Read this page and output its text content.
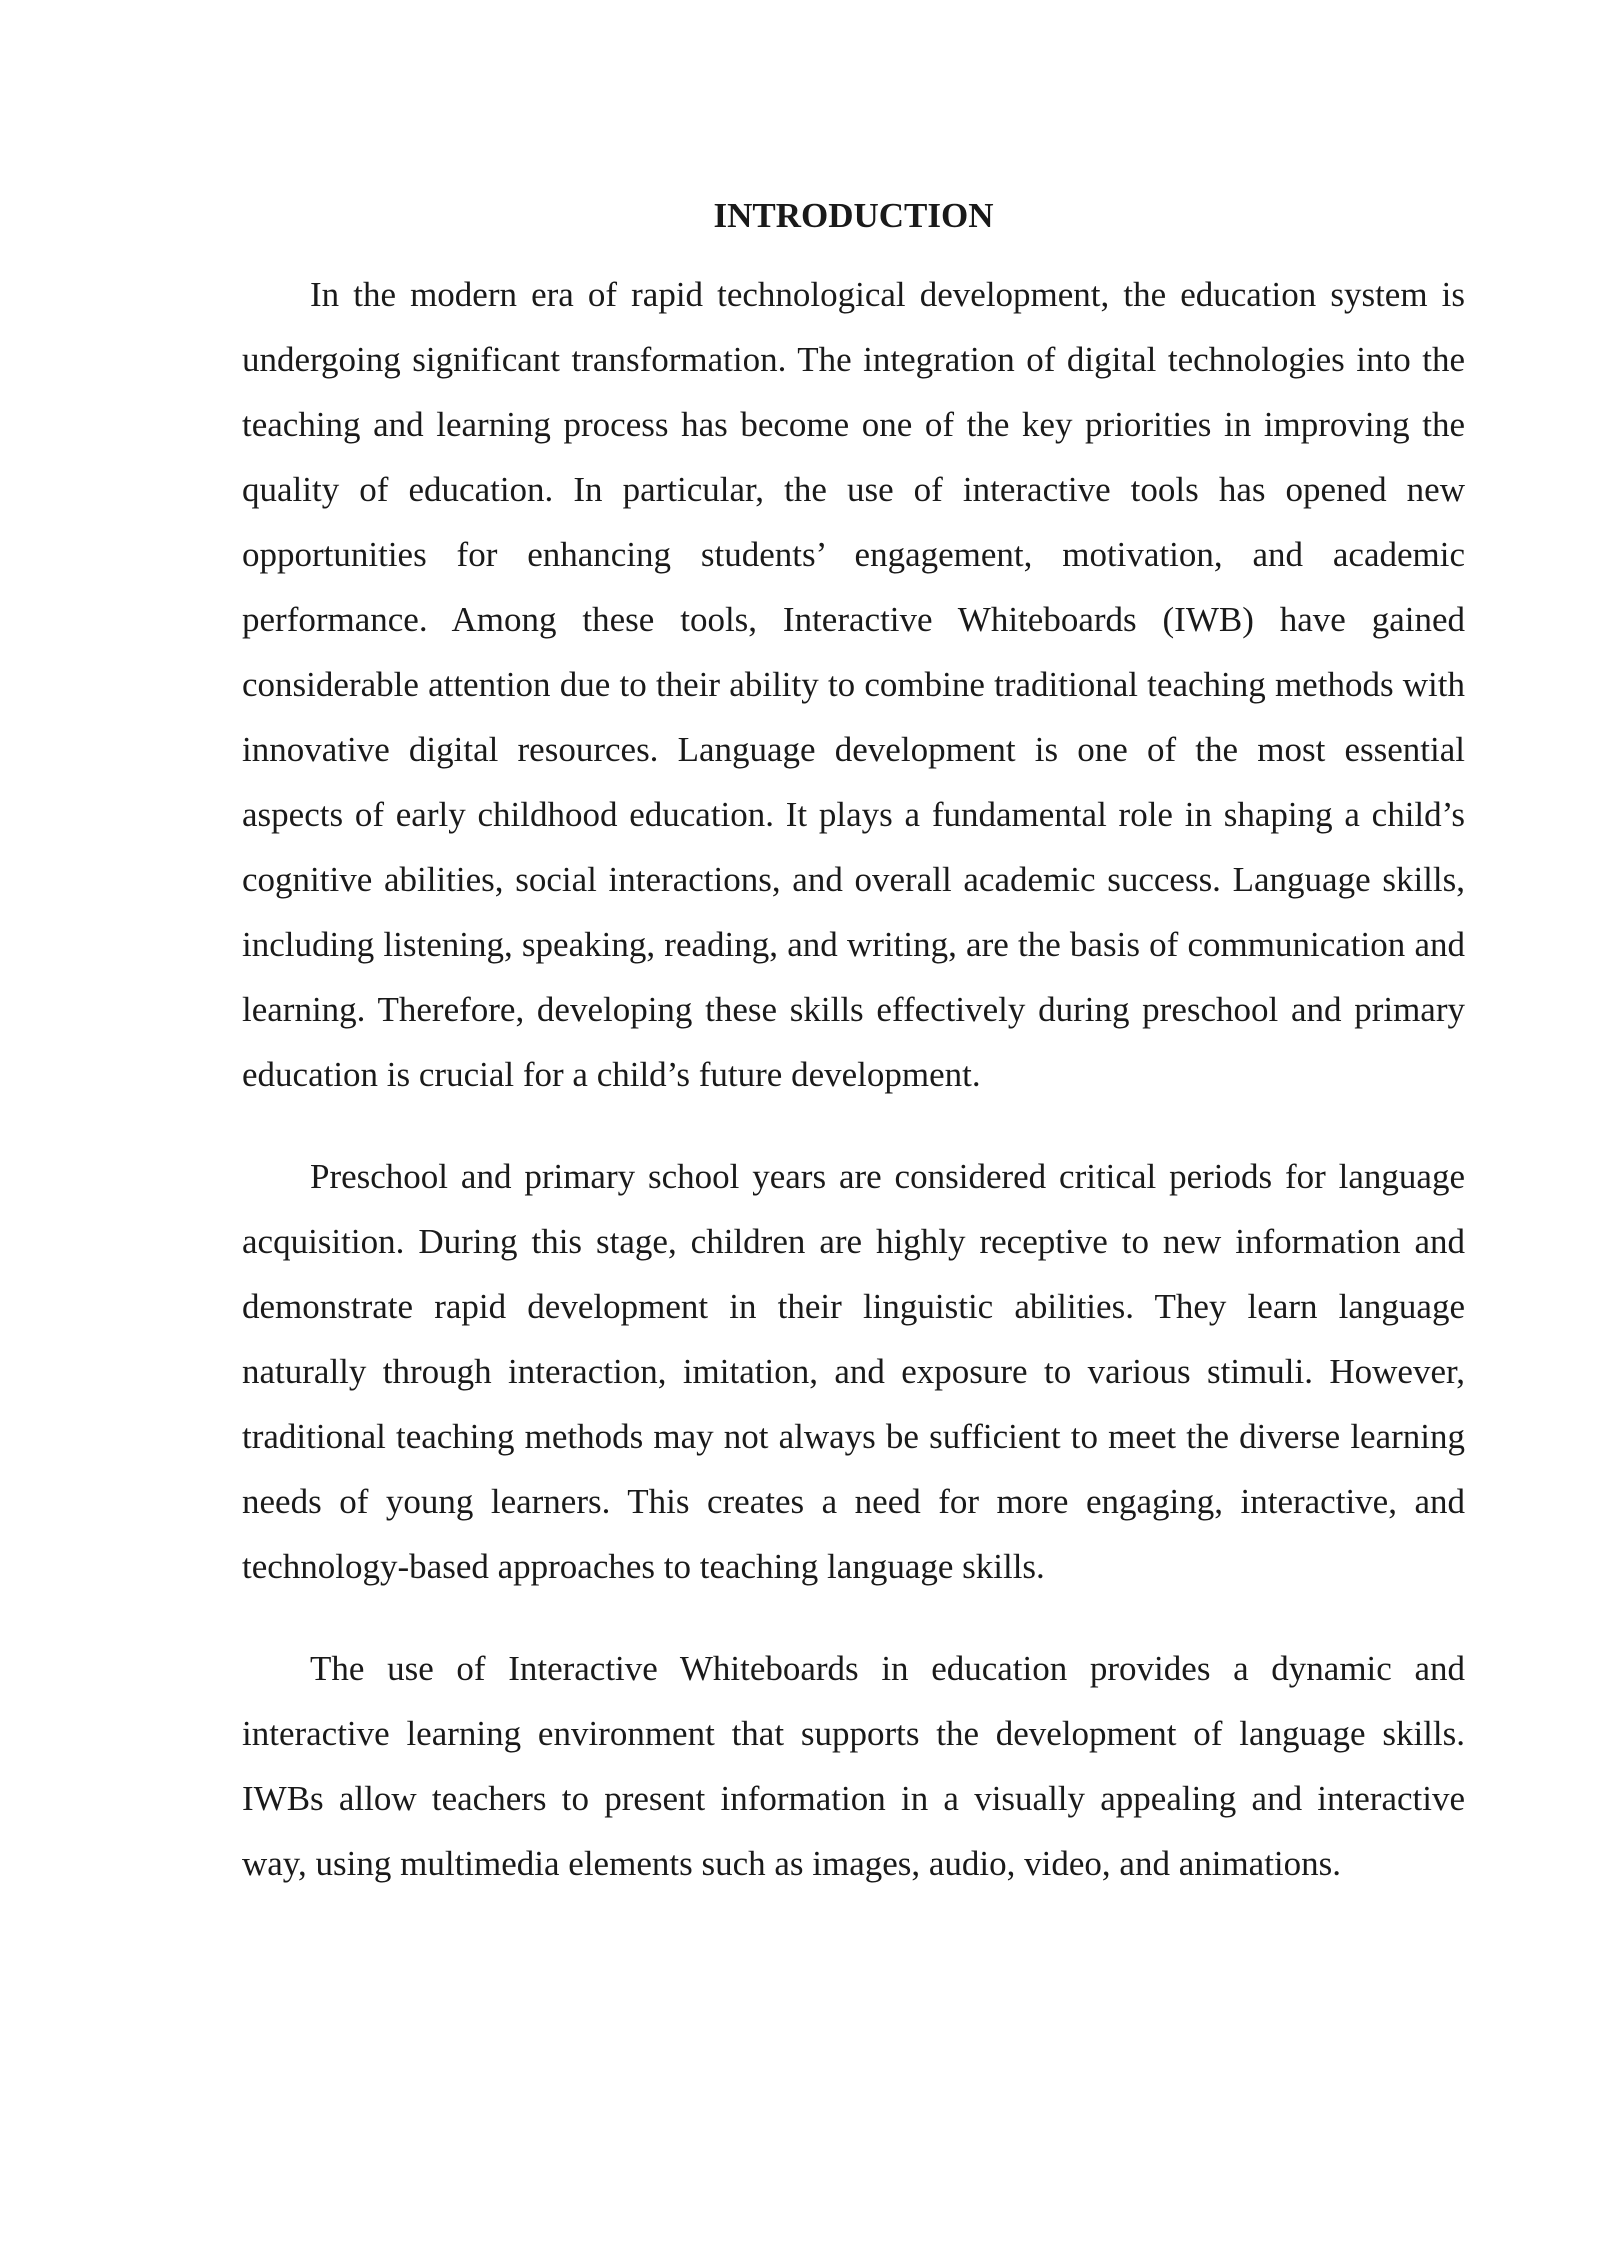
INTRODUCTION

In the modern era of rapid technological development, the education system is undergoing significant transformation. The integration of digital technologies into the teaching and learning process has become one of the key priorities in improving the quality of education. In particular, the use of interactive tools has opened new opportunities for enhancing students’ engagement, motivation, and academic performance. Among these tools, Interactive Whiteboards (IWB) have gained considerable attention due to their ability to combine traditional teaching methods with innovative digital resources. Language development is one of the most essential aspects of early childhood education. It plays a fundamental role in shaping a child’s cognitive abilities, social interactions, and overall academic success. Language skills, including listening, speaking, reading, and writing, are the basis of communication and learning. Therefore, developing these skills effectively during preschool and primary education is crucial for a child’s future development.

Preschool and primary school years are considered critical periods for language acquisition. During this stage, children are highly receptive to new information and demonstrate rapid development in their linguistic abilities. They learn language naturally through interaction, imitation, and exposure to various stimuli. However, traditional teaching methods may not always be sufficient to meet the diverse learning needs of young learners. This creates a need for more engaging, interactive, and technology-based approaches to teaching language skills.

The use of Interactive Whiteboards in education provides a dynamic and interactive learning environment that supports the development of language skills. IWBs allow teachers to present information in a visually appealing and interactive way, using multimedia elements such as images, audio, video, and animations.
